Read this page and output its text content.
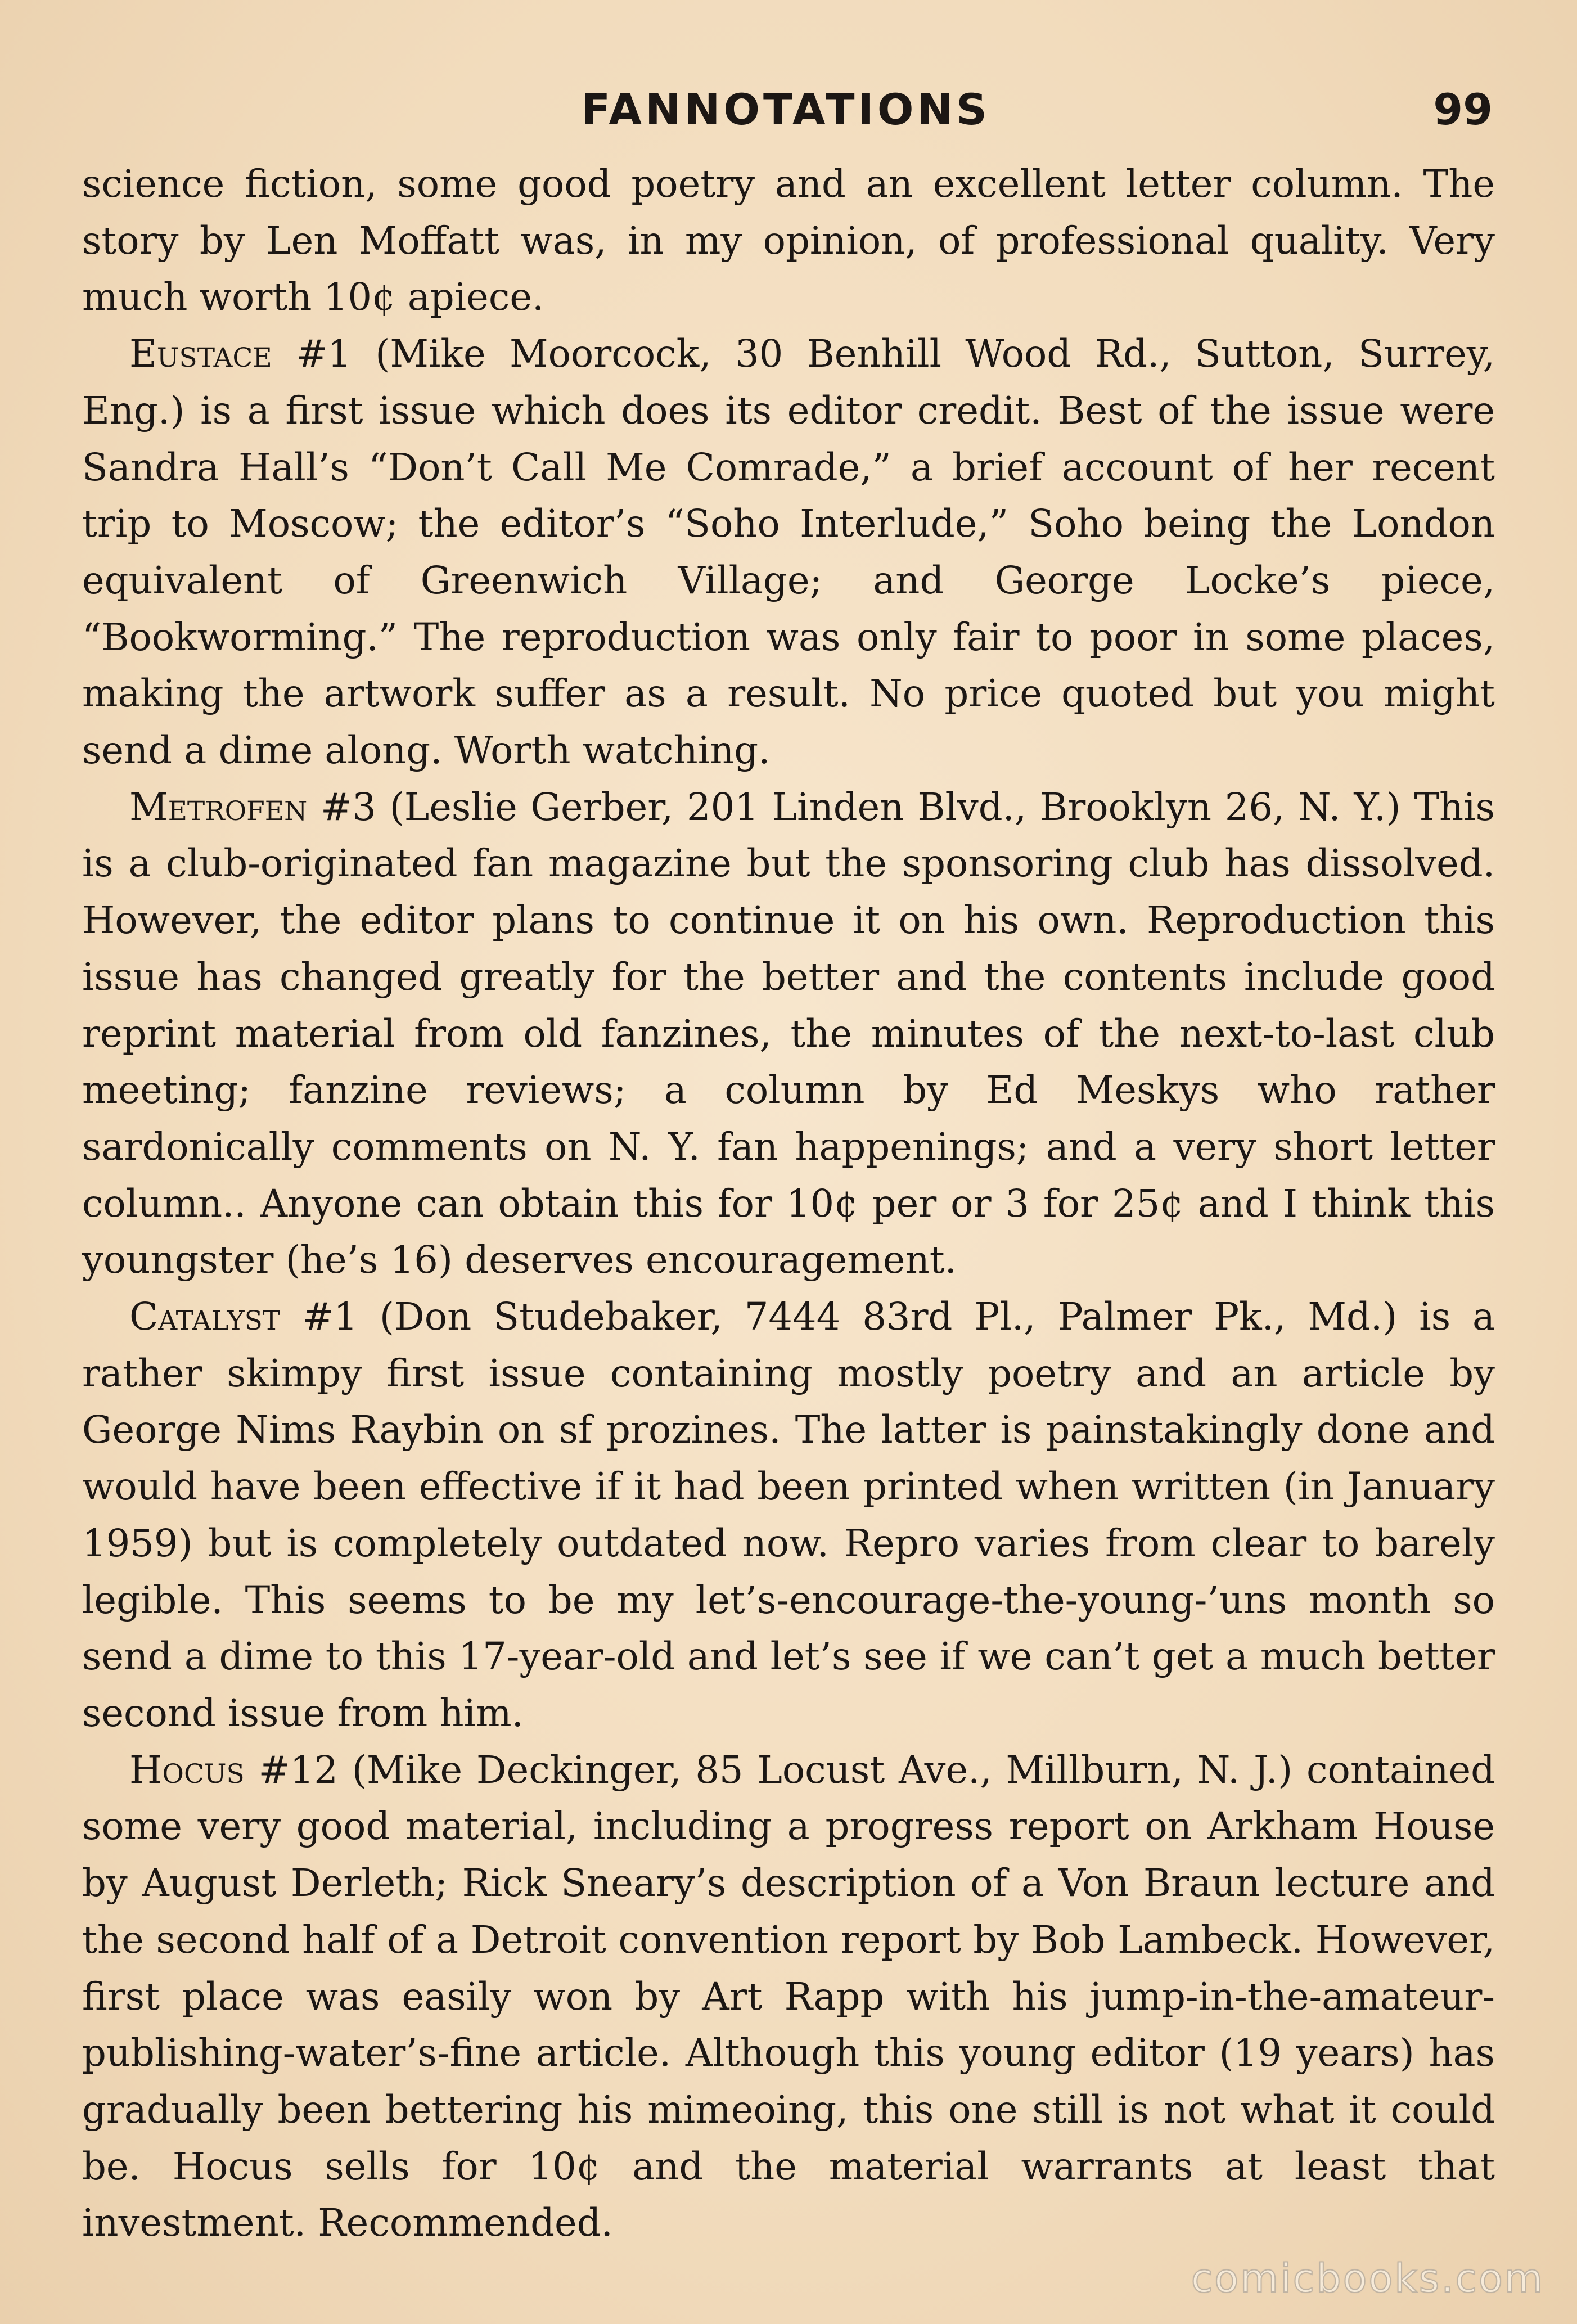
FANNOTATIONS	99

science fiction, some good poetry and an excellent letter column. The story by Len Moffatt was, in my opinion, of professional quality. Very much worth 10¢ apiece.

Eustace #1 (Mike Moorcock, 30 Benhill Wood Rd., Sutton, Surrey, Eng.) is a first issue which does its editor credit. Best of the issue were Sandra Hall’s “Don’t Call Me Comrade,” a brief account of her recent trip to Moscow; the editor’s “Soho Interlude,” Soho being the London equivalent of Greenwich Village; and George Locke’s piece, “Bookworming.” The reproduction was only fair to poor in some places, making the artwork suffer as a result. No price quoted but you might send a dime along. Worth watching.

Metrofen #3 (Leslie Gerber, 201 Linden Blvd., Brooklyn 26, N. Y.) This is a club-originated fan magazine but the sponsoring club has dissolved. However, the editor plans to continue it on his own. Reproduction this issue has changed greatly for the better and the contents include good reprint material from old fanzines, the minutes of the next-to-last club meeting; fanzine reviews; a column by Ed Meskys who rather sardonically comments on N. Y. fan happenings; and a very short letter column.. Anyone can obtain this for 10¢ per or 3 for 25¢ and I think this youngster (he’s 16) deserves encouragement.

Catalyst #1 (Don Studebaker, 7444 83rd Pl., Palmer Pk., Md.) is a rather skimpy first issue containing mostly poetry and an article by George Nims Raybin on sf prozines. The latter is painstakingly done and would have been effective if it had been printed when written (in January 1959) but is completely outdated now. Repro varies from clear to barely legible. This seems to be my let’s-encourage-the-young-’uns month so send a dime to this 17-year-old and let’s see if we can’t get a much better second issue from him.

Hocus #12 (Mike Deckinger, 85 Locust Ave., Millburn, N. J.) contained some very good material, including a progress report on Arkham House by August Derleth; Rick Sneary’s description of a Von Braun lecture and the second half of a Detroit convention report by Bob Lambeck. However, first place was easily won by Art Rapp with his jump-in-the-amateur-publishing-water’s-fine article. Although this young editor (19 years) has gradually been bettering his mimeoing, this one still is not what it could be. Hocus sells for 10¢ and the material warrants at least that investment. Recommended.

comicbooks.com
